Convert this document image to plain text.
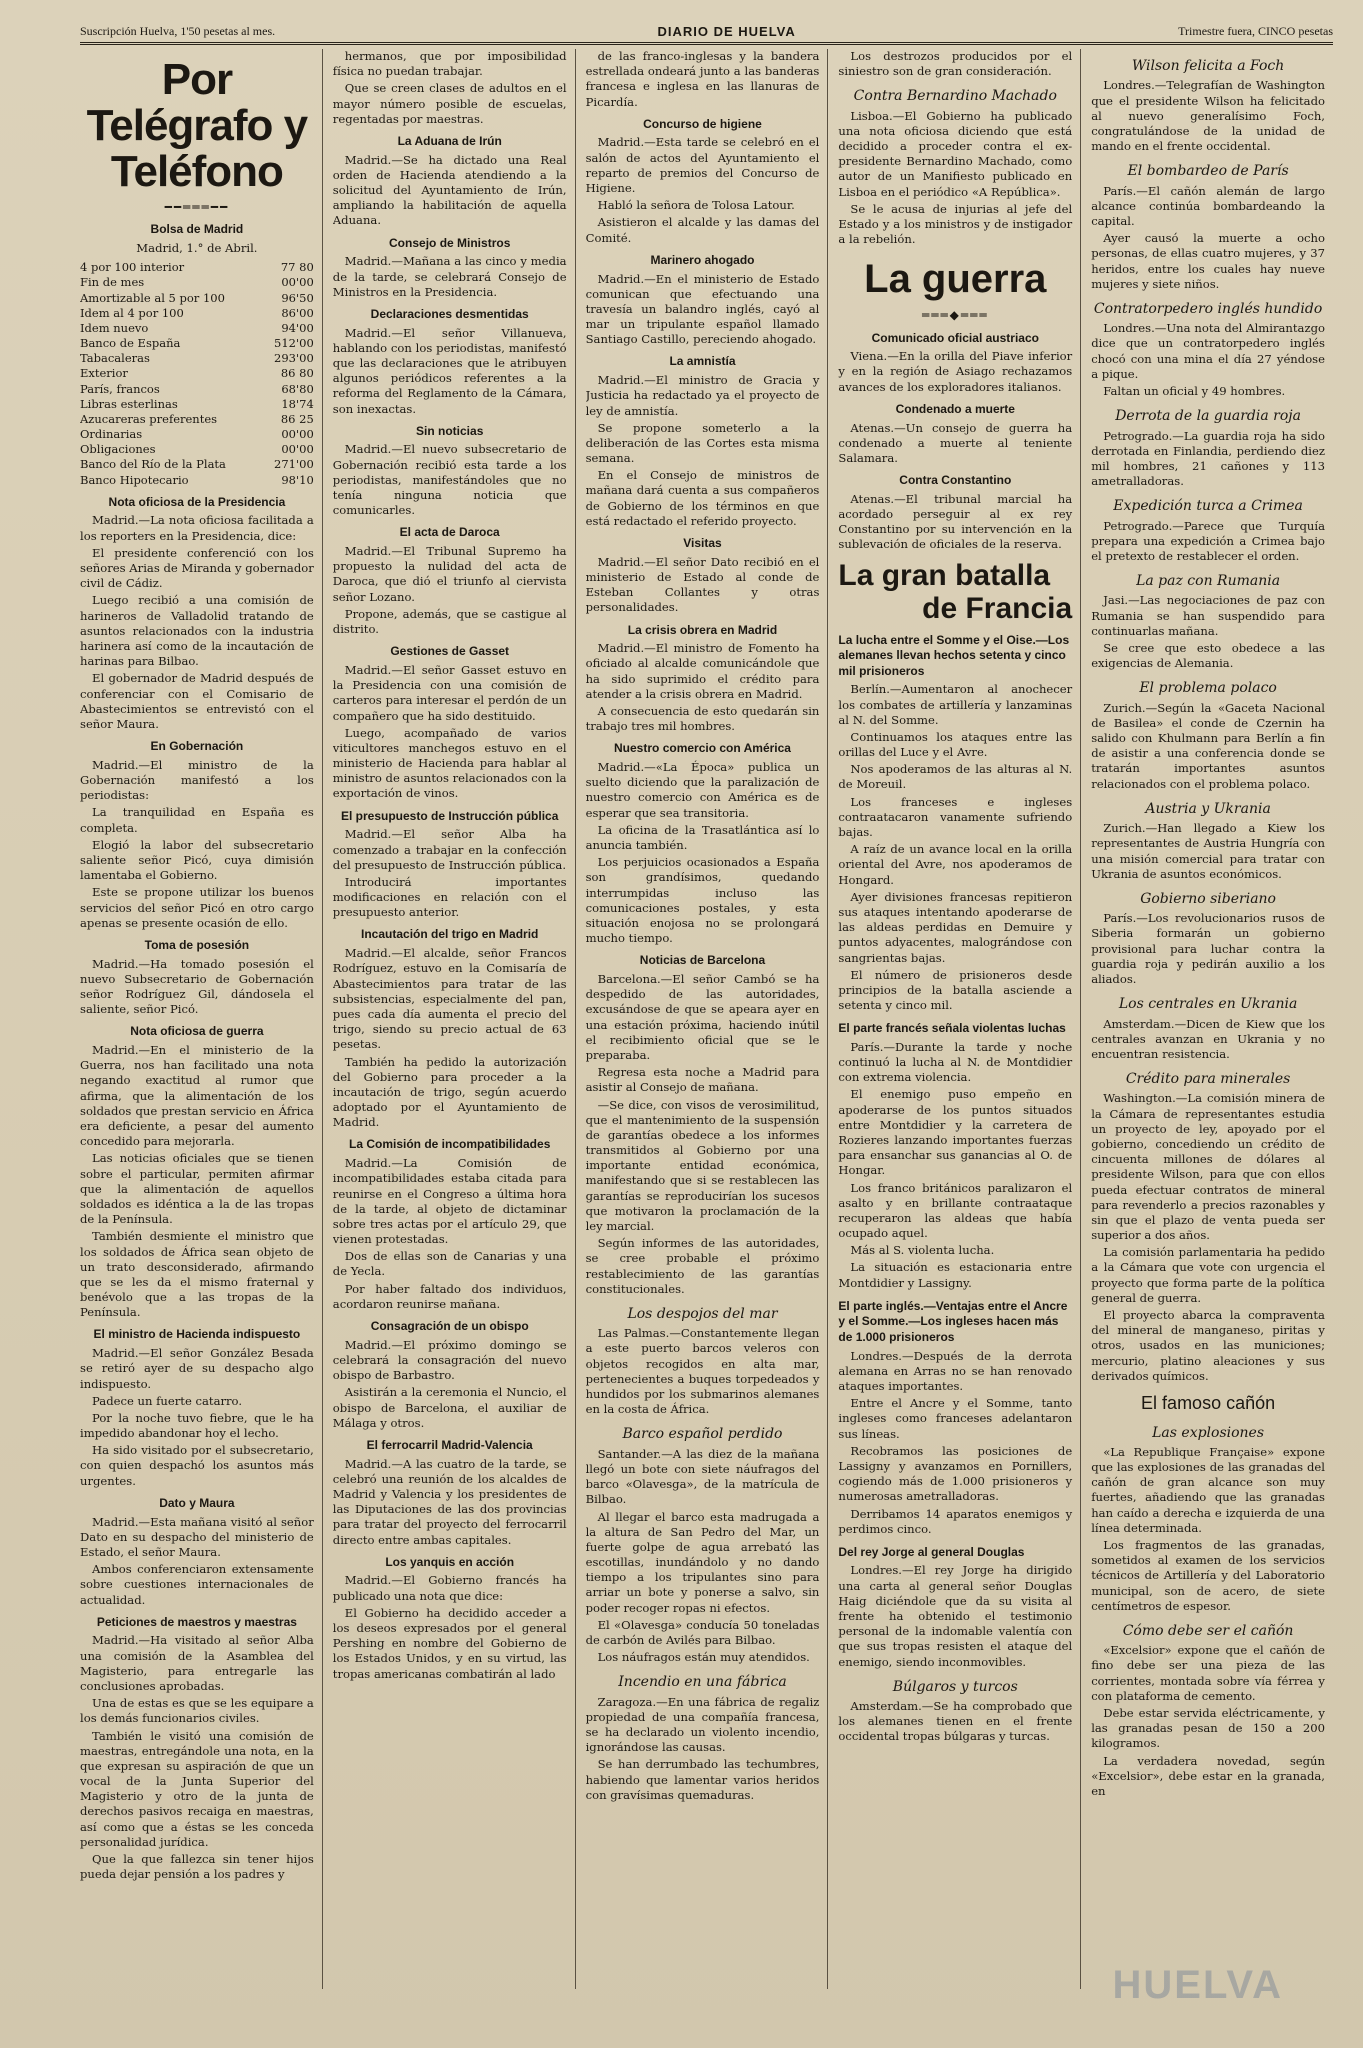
Suscripción Huelva, 1'50 pesetas al mes.	DIARIO DE HUELVA	Trimestre fuera, CINCO pesetas
Por Telégrafo y Teléfono
━━═══━━
Bolsa de Madrid
Madrid, 1.° de Abril.
4 por 100 interior	77 80
Fin de mes	00'00
Amortizable al 5 por 100	96'50
Idem al 4 por 100	86'00
Idem nuevo	94'00
Banco de España	512'00
Tabacaleras	293'00
Exterior	86 80
París, francos	68'80
Libras esterlinas	18'74
Azucareras preferentes	86 25
Ordinarias	00'00
Obligaciones	00'00
Banco del Río de la Plata	271'00
Banco Hipotecario	98'10
Nota oficiosa de la Presidencia

Madrid.—La nota oficiosa facilitada a los reporters en la Presidencia, dice:

El presidente conferenció con los señores Arias de Miranda y gobernador civil de Cádiz.

Luego recibió a una comisión de harineros de Valladolid tratando de asuntos relacionados con la industria harinera así como de la incautación de harinas para Bilbao.

El gobernador de Madrid después de conferenciar con el Comisario de Abastecimientos se entrevistó con el señor Maura.

En Gobernación

Madrid.—El ministro de la Gobernación manifestó a los periodistas:

La tranquilidad en España es completa.

Elogió la labor del subsecretario saliente señor Picó, cuya dimisión lamentaba el Gobierno.

Este se propone utilizar los buenos servicios del señor Picó en otro cargo apenas se presente ocasión de ello.

Toma de posesión

Madrid.—Ha tomado posesión el nuevo Subsecretario de Gobernación señor Rodríguez Gil, dándosela el saliente, señor Picó.

Nota oficiosa de guerra

Madrid.—En el ministerio de la Guerra, nos han facilitado una nota negando exactitud al rumor que afirma, que la alimentación de los soldados que prestan servicio en África era deficiente, a pesar del aumento concedido para mejorarla.

Las noticias oficiales que se tienen sobre el particular, permiten afirmar que la alimentación de aquellos soldados es idéntica a la de las tropas de la Península.

También desmiente el ministro que los soldados de África sean objeto de un trato desconsiderado, afirmando que se les da el mismo fraternal y benévolo que a las tropas de la Península.

El ministro de Hacienda indispuesto

Madrid.—El señor González Besada se retiró ayer de su despacho algo indispuesto.

Padece un fuerte catarro.

Por la noche tuvo fiebre, que le ha impedido abandonar hoy el lecho.

Ha sido visitado por el subsecretario, con quien despachó los asuntos más urgentes.

Dato y Maura

Madrid.—Esta mañana visitó al señor Dato en su despacho del ministerio de Estado, el señor Maura.

Ambos conferenciaron extensamente sobre cuestiones internacionales de actualidad.

Peticiones de maestros y maestras

Madrid.—Ha visitado al señor Alba una comisión de la Asamblea del Magisterio, para entregarle las conclusiones aprobadas.

Una de estas es que se les equipare a los demás funcionarios civiles.

También le visitó una comisión de maestras, entregándole una nota, en la que expresan su aspiración de que un vocal de la Junta Superior del Magisterio y otro de la junta de derechos pasivos recaiga en maestras, así como que a éstas se les conceda personalidad jurídica.

Que la que fallezca sin tener hijos pueda dejar pensión a los padres y

hermanos, que por imposibilidad física no puedan trabajar.

Que se creen clases de adultos en el mayor número posible de escuelas, regentadas por maestras.

La Aduana de Irún

Madrid.—Se ha dictado una Real orden de Hacienda atendiendo a la solicitud del Ayuntamiento de Irún, ampliando la habilitación de aquella Aduana.

Consejo de Ministros

Madrid.—Mañana a las cinco y media de la tarde, se celebrará Consejo de Ministros en la Presidencia.

Declaraciones desmentidas

Madrid.—El señor Villanueva, hablando con los periodistas, manifestó que las declaraciones que le atribuyen algunos periódicos referentes a la reforma del Reglamento de la Cámara, son inexactas.

Sin noticias

Madrid.—El nuevo subsecretario de Gobernación recibió esta tarde a los periodistas, manifestándoles que no tenía ninguna noticia que comunicarles.

El acta de Daroca

Madrid.—El Tribunal Supremo ha propuesto la nulidad del acta de Daroca, que dió el triunfo al ciervista señor Lozano.

Propone, además, que se castigue al distrito.

Gestiones de Gasset

Madrid.—El señor Gasset estuvo en la Presidencia con una comisión de carteros para interesar el perdón de un compañero que ha sido destituido.

Luego, acompañado de varios viticultores manchegos estuvo en el ministerio de Hacienda para hablar al ministro de asuntos relacionados con la exportación de vinos.

El presupuesto de Instrucción pública

Madrid.—El señor Alba ha comenzado a trabajar en la confección del presupuesto de Instrucción pública.

Introducirá importantes modificaciones en relación con el presupuesto anterior.

Incautación del trigo en Madrid

Madrid.—El alcalde, señor Francos Rodríguez, estuvo en la Comisaría de Abastecimientos para tratar de las subsistencias, especialmente del pan, pues cada día aumenta el precio del trigo, siendo su precio actual de 63 pesetas.

También ha pedido la autorización del Gobierno para proceder a la incautación de trigo, según acuerdo adoptado por el Ayuntamiento de Madrid.

La Comisión de incompatibilidades

Madrid.—La Comisión de incompatibilidades estaba citada para reunirse en el Congreso a última hora de la tarde, al objeto de dictaminar sobre tres actas por el artículo 29, que vienen protestadas.

Dos de ellas son de Canarias y una de Yecla.

Por haber faltado dos individuos, acordaron reunirse mañana.

Consagración de un obispo

Madrid.—El próximo domingo se celebrará la consagración del nuevo obispo de Barbastro.

Asistirán a la ceremonia el Nuncio, el obispo de Barcelona, el auxiliar de Málaga y otros.

El ferrocarril Madrid-Valencia

Madrid.—A las cuatro de la tarde, se celebró una reunión de los alcaldes de Madrid y Valencia y los presidentes de las Diputaciones de las dos provincias para tratar del proyecto del ferrocarril directo entre ambas capitales.

Los yanquis en acción

Madrid.—El Gobierno francés ha publicado una nota que dice:

El Gobierno ha decidido acceder a los deseos expresados por el general Pershing en nombre del Gobierno de los Estados Unidos, y en su virtud, las tropas americanas combatirán al lado

de las franco-inglesas y la bandera estrellada ondeará junto a las banderas francesa e inglesa en las llanuras de Picardía.

Concurso de higiene

Madrid.—Esta tarde se celebró en el salón de actos del Ayuntamiento el reparto de premios del Concurso de Higiene.

Habló la señora de Tolosa Latour.

Asistieron el alcalde y las damas del Comité.

Marinero ahogado

Madrid.—En el ministerio de Estado comunican que efectuando una travesía un balandro inglés, cayó al mar un tripulante español llamado Santiago Castillo, pereciendo ahogado.

La amnistía

Madrid.—El ministro de Gracia y Justicia ha redactado ya el proyecto de ley de amnistía.

Se propone someterlo a la deliberación de las Cortes esta misma semana.

En el Consejo de ministros de mañana dará cuenta a sus compañeros de Gobierno de los términos en que está redactado el referido proyecto.

Visitas

Madrid.—El señor Dato recibió en el ministerio de Estado al conde de Esteban Collantes y otras personalidades.

La crisis obrera en Madrid

Madrid.—El ministro de Fomento ha oficiado al alcalde comunicándole que ha sido suprimido el crédito para atender a la crisis obrera en Madrid.

A consecuencia de esto quedarán sin trabajo tres mil hombres.

Nuestro comercio con América

Madrid.—«La Época» publica un suelto diciendo que la paralización de nuestro comercio con América es de esperar que sea transitoria.

La oficina de la Trasatlántica así lo anuncia también.

Los perjuicios ocasionados a España son grandísimos, quedando interrumpidas incluso las comunicaciones postales, y esta situación enojosa no se prolongará mucho tiempo.

Noticias de Barcelona

Barcelona.—El señor Cambó se ha despedido de las autoridades, excusándose de que se apeara ayer en una estación próxima, haciendo inútil el recibimiento oficial que se le preparaba.

Regresa esta noche a Madrid para asistir al Consejo de mañana.

—Se dice, con visos de verosimilitud, que el mantenimiento de la suspensión de garantías obedece a los informes transmitidos al Gobierno por una importante entidad económica, manifestando que si se restablecen las garantías se reproducirían los sucesos que motivaron la proclamación de la ley marcial.

Según informes de las autoridades, se cree probable el próximo restablecimiento de las garantías constitucionales.

Los despojos del mar

Las Palmas.—Constantemente llegan a este puerto barcos veleros con objetos recogidos en alta mar, pertenecientes a buques torpedeados y hundidos por los submarinos alemanes en la costa de África.

Barco español perdido

Santander.—A las diez de la mañana llegó un bote con siete náufragos del barco «Olavesga», de la matrícula de Bilbao.

Al llegar el barco esta madrugada a la altura de San Pedro del Mar, un fuerte golpe de agua arrebató las escotillas, inundándolo y no dando tiempo a los tripulantes sino para arriar un bote y ponerse a salvo, sin poder recoger ropas ni efectos.

El «Olavesga» conducía 50 toneladas de carbón de Avilés para Bilbao.

Los náufragos están muy atendidos.

Incendio en una fábrica

Zaragoza.—En una fábrica de regaliz propiedad de una compañía francesa, se ha declarado un violento incendio, ignorándose las causas.

Se han derrumbado las techumbres, habiendo que lamentar varios heridos con gravísimas quemaduras.

Los destrozos producidos por el siniestro son de gran consideración.

Contra Bernardino Machado

Lisboa.—El Gobierno ha publicado una nota oficiosa diciendo que está decidido a proceder contra el ex-presidente Bernardino Machado, como autor de un Manifiesto publicado en Lisboa en el periódico «A República».

Se le acusa de injurias al jefe del Estado y a los ministros y de instigador a la rebelión.

La guerra
═══◆═══
Comunicado oficial austriaco

Viena.—En la orilla del Piave inferior y en la región de Asiago rechazamos avances de los exploradores italianos.

Condenado a muerte

Atenas.—Un consejo de guerra ha condenado a muerte al teniente Salamara.

Contra Constantino

Atenas.—El tribunal marcial ha acordado perseguir al ex rey Constantino por su intervención en la sublevación de oficiales de la reserva.

La gran batalla
de Francia
La lucha entre el Somme y el Oise.—Los alemanes llevan hechos setenta y cinco mil prisioneros

Berlín.—Aumentaron al anochecer los combates de artillería y lanzaminas al N. del Somme.

Continuamos los ataques entre las orillas del Luce y el Avre.

Nos apoderamos de las alturas al N. de Moreuil.

Los franceses e ingleses contraatacaron vanamente sufriendo bajas.

A raíz de un avance local en la orilla oriental del Avre, nos apoderamos de Hongard.

Ayer divisiones francesas repitieron sus ataques intentando apoderarse de las aldeas perdidas en Demuire y puntos adyacentes, malográndose con sangrientas bajas.

El número de prisioneros desde principios de la batalla asciende a setenta y cinco mil.

El parte francés señala violentas luchas

París.—Durante la tarde y noche continuó la lucha al N. de Montdidier con extrema violencia.

El enemigo puso empeño en apoderarse de los puntos situados entre Montdidier y la carretera de Rozieres lanzando importantes fuerzas para ensanchar sus ganancias al O. de Hongar.

Los franco británicos paralizaron el asalto y en brillante contraataque recuperaron las aldeas que había ocupado aquel.

Más al S. violenta lucha.

La situación es estacionaria entre Montdidier y Lassigny.

El parte inglés.—Ventajas entre el Ancre y el Somme.—Los ingleses hacen más de 1.000 prisioneros

Londres.—Después de la derrota alemana en Arras no se han renovado ataques importantes.

Entre el Ancre y el Somme, tanto ingleses como franceses adelantaron sus líneas.

Recobramos las posiciones de Lassigny y avanzamos en Pornillers, cogiendo más de 1.000 prisioneros y numerosas ametralladoras.

Derribamos 14 aparatos enemigos y perdimos cinco.

Del rey Jorge al general Douglas

Londres.—El rey Jorge ha dirigido una carta al general señor Douglas Haig diciéndole que da su visita al frente ha obtenido el testimonio personal de la indomable valentía con que sus tropas resisten el ataque del enemigo, siendo inconmovibles.

Búlgaros y turcos

Amsterdam.—Se ha comprobado que los alemanes tienen en el frente occidental tropas búlgaras y turcas.

Wilson felicita a Foch

Londres.—Telegrafían de Washington que el presidente Wilson ha felicitado al nuevo generalísimo Foch, congratulándose de la unidad de mando en el frente occidental.

El bombardeo de París

París.—El cañón alemán de largo alcance continúa bombardeando la capital.

Ayer causó la muerte a ocho personas, de ellas cuatro mujeres, y 37 heridos, entre los cuales hay nueve mujeres y siete niños.

Contratorpedero inglés hundido

Londres.—Una nota del Almirantazgo dice que un contratorpedero inglés chocó con una mina el día 27 yéndose a pique.

Faltan un oficial y 49 hombres.

Derrota de la guardia roja

Petrogrado.—La guardia roja ha sido derrotada en Finlandia, perdiendo diez mil hombres, 21 cañones y 113 ametralladoras.

Expedición turca a Crimea

Petrogrado.—Parece que Turquía prepara una expedición a Crimea bajo el pretexto de restablecer el orden.

La paz con Rumania

Jasi.—Las negociaciones de paz con Rumania se han suspendido para continuarlas mañana.

Se cree que esto obedece a las exigencias de Alemania.

El problema polaco

Zurich.—Según la «Gaceta Nacional de Basilea» el conde de Czernin ha salido con Khulmann para Berlín a fin de asistir a una conferencia donde se tratarán importantes asuntos relacionados con el problema polaco.

Austria y Ukrania

Zurich.—Han llegado a Kiew los representantes de Austria Hungría con una misión comercial para tratar con Ukrania de asuntos económicos.

Gobierno siberiano

París.—Los revolucionarios rusos de Siberia formarán un gobierno provisional para luchar contra la guardia roja y pedirán auxilio a los aliados.

Los centrales en Ukrania

Amsterdam.—Dicen de Kiew que los centrales avanzan en Ukrania y no encuentran resistencia.

Crédito para minerales

Washington.—La comisión minera de la Cámara de representantes estudia un proyecto de ley, apoyado por el gobierno, concediendo un crédito de cincuenta millones de dólares al presidente Wilson, para que con ellos pueda efectuar contratos de mineral para revenderlo a precios razonables y sin que el plazo de venta pueda ser superior a dos años.

La comisión parlamentaria ha pedido a la Cámara que vote con urgencia el proyecto que forma parte de la política general de guerra.

El proyecto abarca la compraventa del mineral de manganeso, piritas y otros, usados en las municiones; mercurio, platino aleaciones y sus derivados químicos.

El famoso cañón
Las explosiones

«La Republique Française» expone que las explosiones de las granadas del cañón de gran alcance son muy fuertes, añadiendo que las granadas han caído a derecha e izquierda de una línea determinada.

Los fragmentos de las granadas, sometidos al examen de los servicios técnicos de Artillería y del Laboratorio municipal, son de acero, de siete centímetros de espesor.

Cómo debe ser el cañón

«Excelsior» expone que el cañón de fino debe ser una pieza de las corrientes, montada sobre vía férrea y con plataforma de cemento.

Debe estar servida eléctricamente, y las granadas pesan de 150 a 200 kilogramos.

La verdadera novedad, según «Excelsior», debe estar en la granada, en

HUELVA
